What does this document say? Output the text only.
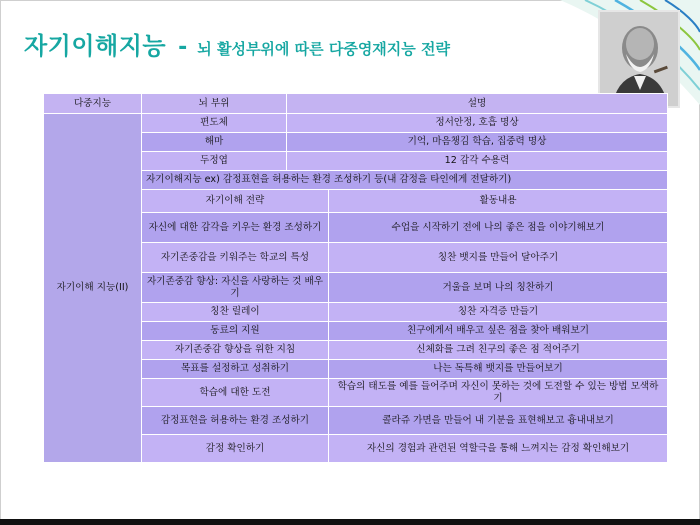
자기이해지능 - 뇌 활성부위에 따른 다중영재지능 전략
다중지능	뇌 부위	설명	
자기이해 지능(II)	편도체	정서안정, 호흡 명상	
	해마	기억, 마음챙김 학습, 집중력 명상	
	두정엽	12 감각 수용력	
	자기이해지능 ex) 감정표현을 허용하는 환경 조성하기 등(내 감정을 타인에게 전달하기)		
	자기이해 전략		활동내용
	자신에 대한 감각을 키우는 환경 조성하기		수업을 시작하기 전에 나의 좋은 점을 이야기해보기
	자기존중감을 키워주는 학교의 특성		칭찬 뱃지를 만들어 달아주기
	자기존중감 향상: 자신을 사랑하는 것 배우기		거울을 보며 나의 칭찬하기
	칭찬 릴레이		칭찬 자격증 만들기
	동료의 지원		친구에게서 배우고 싶은 점을 찾아 배워보기
	자기존중감 향상을 위한 지침		신체화를 그려 친구의 좋은 점 적어주기
	목표를 설정하고 성취하기		나는 독특해 뱃지를 만들어보기
	학습에 대한 도전		학습의 태도를 예를 들어주며 자신이 못하는 것에 도전할 수 있는 방법 모색하기
	감정표현을 허용하는 환경 조성하기		콜라쥬 가면을 만들어 내 기분을 표현해보고 흉내내보기
	감정 확인하기		자신의 경험과 관련된 역할극을 통해 느껴지는 감정 확인해보기
